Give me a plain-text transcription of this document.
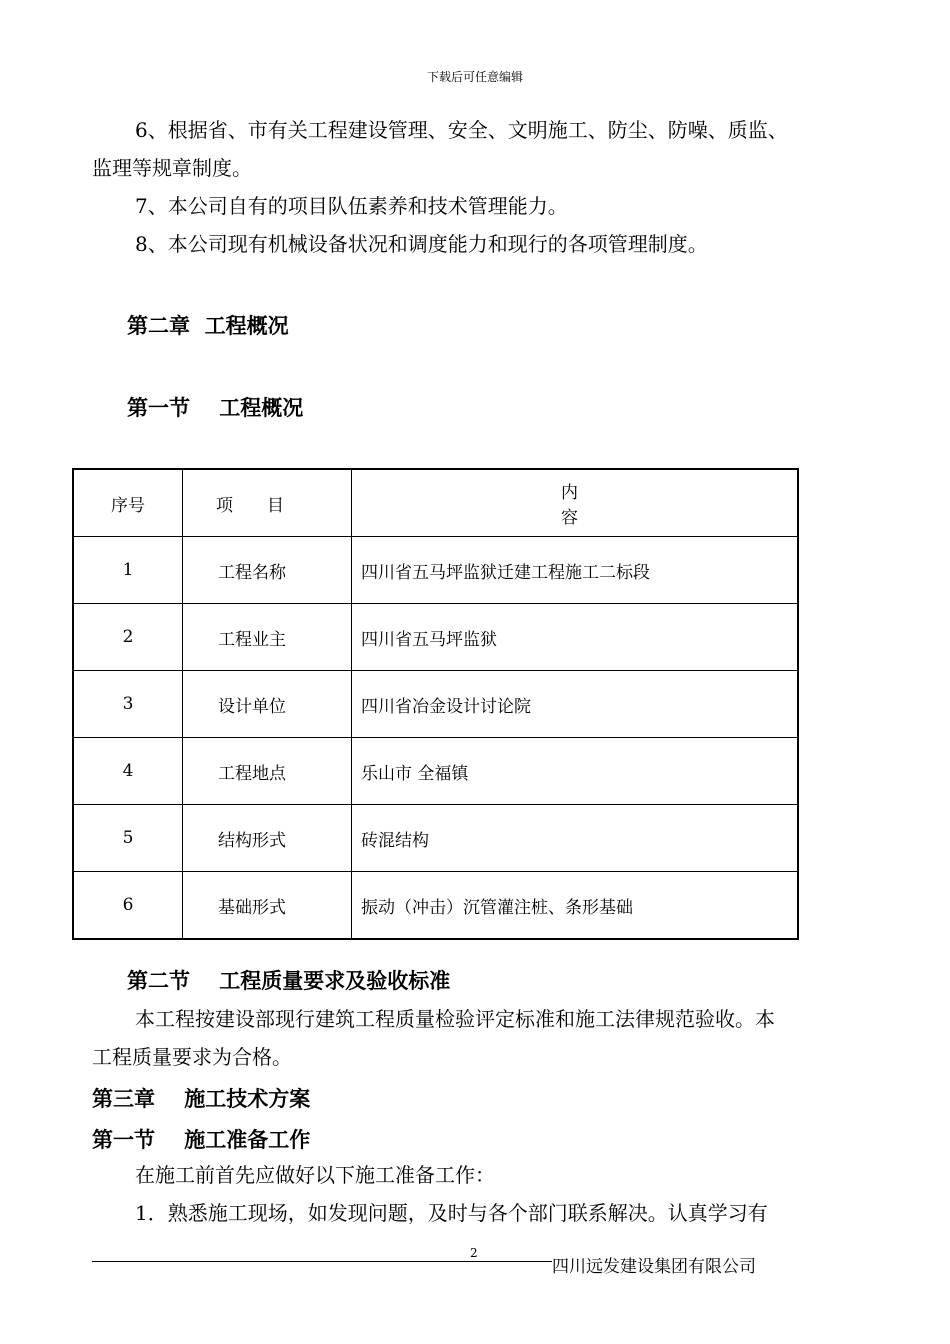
下载后可任意编辑
6、根据省、市有关工程建设管理、安全、文明施工、防尘、防噪、质监、
监理等规章制度。
7、本公司自有的项目队伍素养和技术管理能力。
8、本公司现有机械设备状况和调度能力和现行的各项管理制度。
第二章  工程概况
第一节    工程概况
序号	项目	内容
1	工程名称	四川省五马坪监狱迁建工程施工二标段
2	工程业主	四川省五马坪监狱
3	设计单位	四川省冶金设计讨论院
4	工程地点	乐山市 全福镇
5	结构形式	砖混结构
6	基础形式	振动（冲击）沉管灌注桩、条形基础
第二节    工程质量要求及验收标准
本工程按建设部现行建筑工程质量检验评定标准和施工法律规范验收。本
工程质量要求为合格。
第三章    施工技术方案
第一节    施工准备工作
在施工前首先应做好以下施工准备工作：
1．熟悉施工现场，如发现问题，及时与各个部门联系解决。认真学习有
2
四川远发建设集团有限公司
